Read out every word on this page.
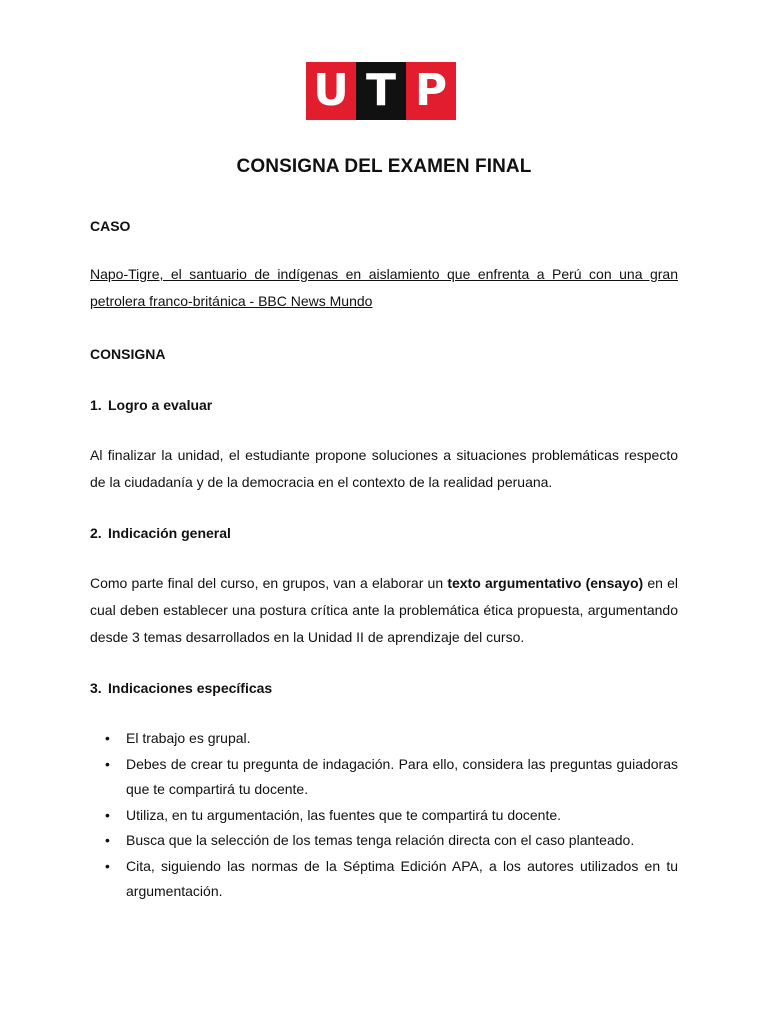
U T P
CONSIGNA DEL EXAMEN FINAL
CASO
Napo-Tigre, el santuario de indígenas en aislamiento que enfrenta a Perú con una gran petrolera franco-británica - BBC News Mundo
CONSIGNA
1. Logro a evaluar
Al finalizar la unidad, el estudiante propone soluciones a situaciones problemáticas respecto de la ciudadanía y de la democracia en el contexto de la realidad peruana.
2. Indicación general
Como parte final del curso, en grupos, van a elaborar un texto argumentativo (ensayo) en el cual deben establecer una postura crítica ante la problemática ética propuesta, argumentando desde 3 temas desarrollados en la Unidad II de aprendizaje del curso.
3. Indicaciones específicas
• El trabajo es grupal.
• Debes de crear tu pregunta de indagación. Para ello, considera las preguntas guiadoras que te compartirá tu docente.
• Utiliza, en tu argumentación, las fuentes que te compartirá tu docente.
• Busca que la selección de los temas tenga relación directa con el caso planteado.
• Cita, siguiendo las normas de la Séptima Edición APA, a los autores utilizados en tu argumentación.
